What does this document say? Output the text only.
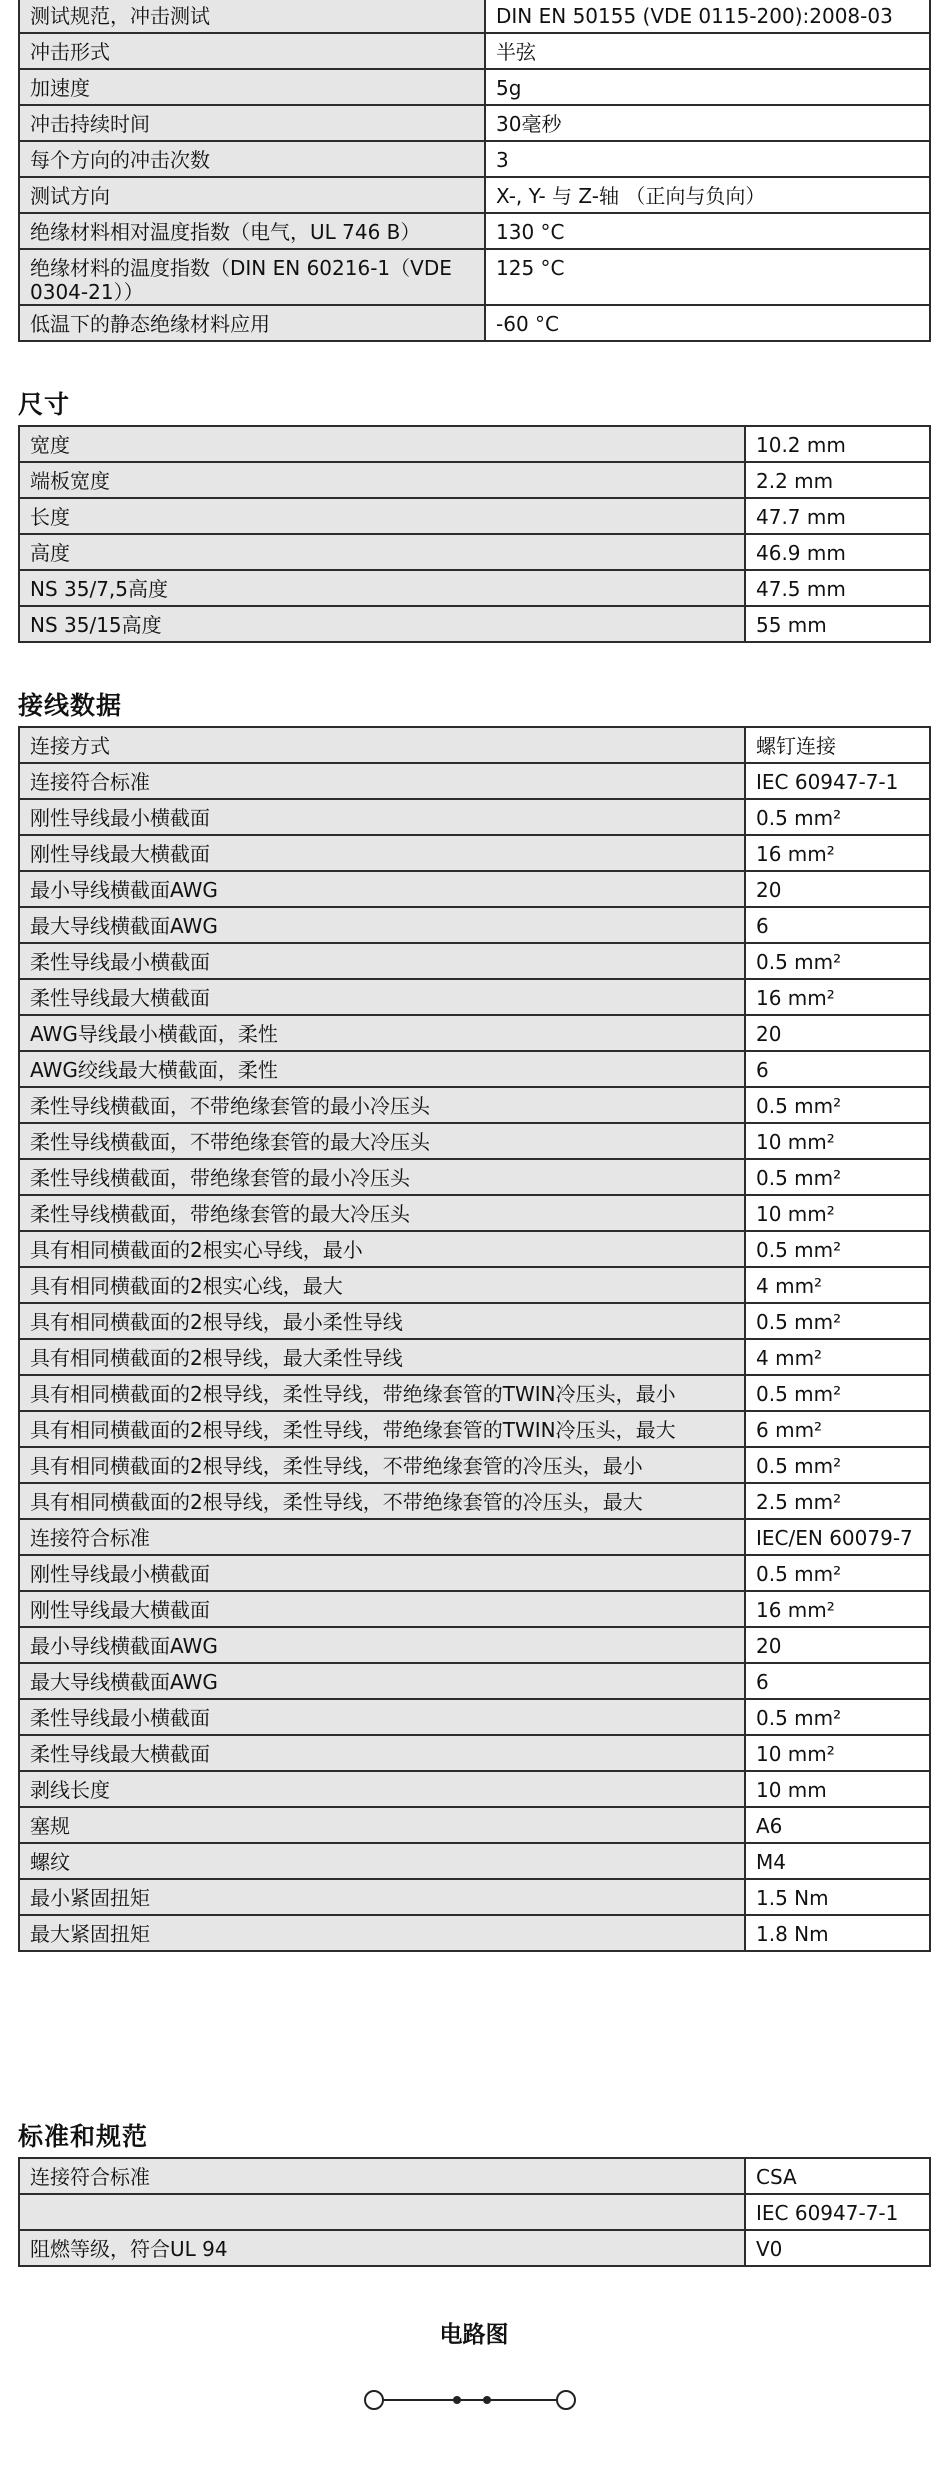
测试规范，冲击测试	DIN EN 50155 (VDE 0115-200):2008-03
冲击形式	半弦
加速度	5g
冲击持续时间	30毫秒
每个方向的冲击次数	3
测试方向	X-, Y- 与 Z-轴 （正向与负向）
绝缘材料相对温度指数（电气，UL 746 B）	130 °C
绝缘材料的温度指数（DIN EN 60216-1（VDE 0304-21））	125 °C
低温下的静态绝缘材料应用	-60 °C
尺寸
宽度	10.2 mm
端板宽度	2.2 mm
长度	47.7 mm
高度	46.9 mm
NS 35/7,5高度	47.5 mm
NS 35/15高度	55 mm
接线数据
连接方式	螺钉连接
连接符合标准	IEC 60947-7-1
刚性导线最小横截面	0.5 mm²
刚性导线最大横截面	16 mm²
最小导线横截面AWG	20
最大导线横截面AWG	6
柔性导线最小横截面	0.5 mm²
柔性导线最大横截面	16 mm²
AWG导线最小横截面，柔性	20
AWG绞线最大横截面，柔性	6
柔性导线横截面，不带绝缘套管的最小冷压头	0.5 mm²
柔性导线横截面，不带绝缘套管的最大冷压头	10 mm²
柔性导线横截面，带绝缘套管的最小冷压头	0.5 mm²
柔性导线横截面，带绝缘套管的最大冷压头	10 mm²
具有相同横截面的2根实心导线，最小	0.5 mm²
具有相同横截面的2根实心线，最大	4 mm²
具有相同横截面的2根导线，最小柔性导线	0.5 mm²
具有相同横截面的2根导线，最大柔性导线	4 mm²
具有相同横截面的2根导线，柔性导线，带绝缘套管的TWIN冷压头，最小	0.5 mm²
具有相同横截面的2根导线，柔性导线，带绝缘套管的TWIN冷压头，最大	6 mm²
具有相同横截面的2根导线，柔性导线，不带绝缘套管的冷压头，最小	0.5 mm²
具有相同横截面的2根导线，柔性导线，不带绝缘套管的冷压头，最大	2.5 mm²
连接符合标准	IEC/EN 60079-7
刚性导线最小横截面	0.5 mm²
刚性导线最大横截面	16 mm²
最小导线横截面AWG	20
最大导线横截面AWG	6
柔性导线最小横截面	0.5 mm²
柔性导线最大横截面	10 mm²
剥线长度	10 mm
塞规	A6
螺纹	M4
最小紧固扭矩	1.5 Nm
最大紧固扭矩	1.8 Nm
标准和规范
连接符合标准	CSA
	IEC 60947-7-1
阻燃等级，符合UL 94	V0
电路图
